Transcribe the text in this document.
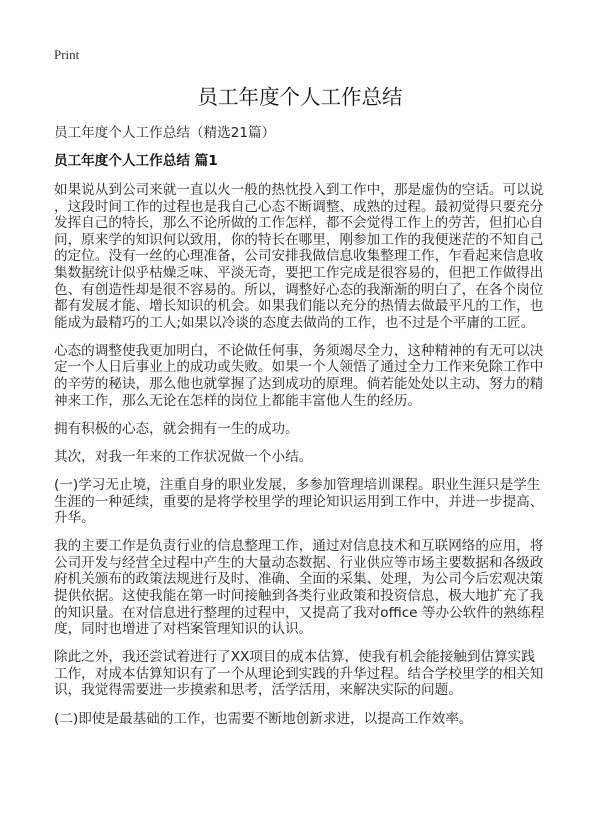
Print
员工年度个人工作总结
员工年度个人工作总结（精选21篇）
员工年度个人工作总结 篇1
如果说从到公司来就一直以火一般的热忱投入到工作中，那是虚伪的空话。可以说
，这段时间工作的过程也是我自己心态不断调整、成熟的过程。最初觉得只要充分
发挥自己的特长，那么不论所做的工作怎样，都不会觉得工作上的劳苦，但扪心自
问，原来学的知识何以致用，你的特长在哪里，刚参加工作的我便迷茫的不知自己
的定位。没有一丝的心理准备，公司安排我做信息收集整理工作，乍看起来信息收
集数据统计似乎枯燥乏味、平淡无奇，要把工作完成是很容易的，但把工作做得出
色、有创造性却是很不容易的。所以，调整好心态的我渐渐的明白了，在各个岗位
都有发展才能、增长知识的机会。如果我们能以充分的热情去做最平凡的工作，也
能成为最精巧的工人;如果以冷谈的态度去做尚的工作，也不过是个平庸的工匠。
心态的调整使我更加明白，不论做任何事，务须竭尽全力，这种精神的有无可以决
定一个人日后事业上的成功或失败。如果一个人领悟了通过全力工作来免除工作中
的辛劳的秘诀，那么他也就掌握了达到成功的原理。倘若能处处以主动、努力的精
神来工作，那么无论在怎样的岗位上都能丰富他人生的经历。
拥有积极的心态，就会拥有一生的成功。
其次，对我一年来的工作状况做一个小结。
(一)学习无止境，注重自身的职业发展，多参加管理培训课程。职业生涯只是学生
生涯的一种延续，重要的是将学校里学的理论知识运用到工作中，并进一步提高、
升华。
我的主要工作是负责行业的信息整理工作，通过对信息技术和互联网络的应用，将
公司开发与经营全过程中产生的大量动态数据、行业供应等市场主要数据和各级政
府机关颁布的政策法规进行及时、准确、全面的采集、处理，为公司今后宏观决策
提供依据。这使我能在第一时间接触到各类行业政策和投资信息，极大地扩充了我
的知识量。在对信息进行整理的过程中，又提高了我对office 等办公软件的熟练程
度，同时也增进了对档案管理知识的认识。
除此之外，我还尝试着进行了XX项目的成本估算，使我有机会能接触到估算实践
工作，对成本估算知识有了一个从理论到实践的升华过程。结合学校里学的相关知
识，我觉得需要进一步摸索和思考，活学活用，来解决实际的问题。
(二)即使是最基础的工作，也需要不断地创新求进，以提高工作效率。
